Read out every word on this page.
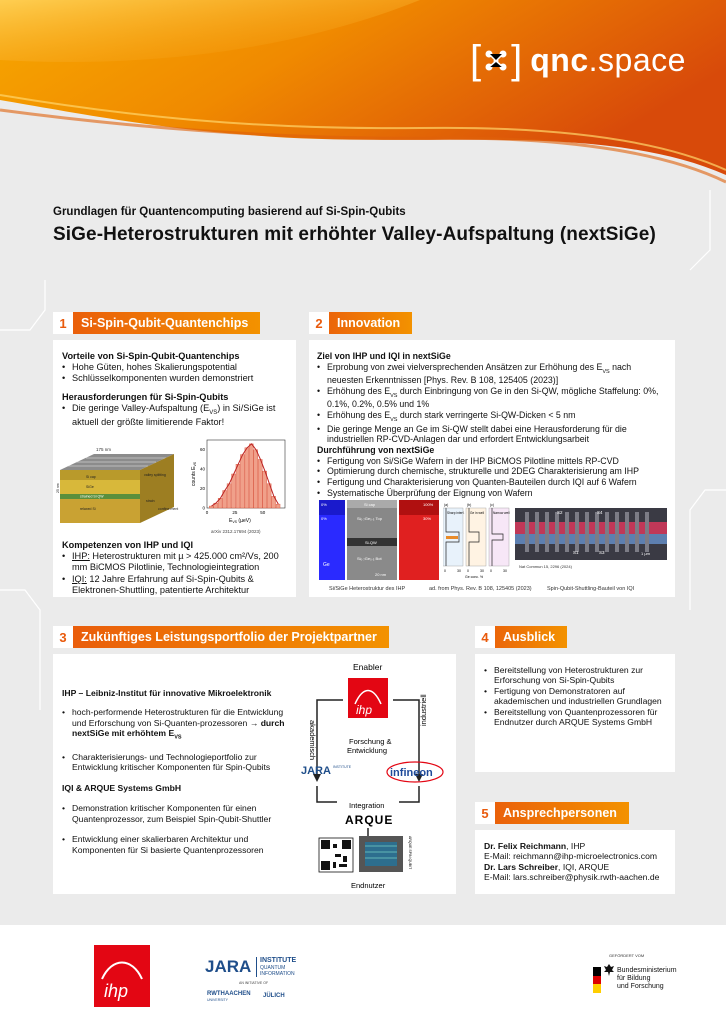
[ ] qnc.space
Grundlagen für Quantencomputing basierend auf Si-Spin-Qubits
SiGe-Heterostrukturen mit erhöhter Valley-Aufspaltung (nextSiGe)
Vorteile von Si-Spin-Qubit-Quantenchips
• Hohe Güten, hohes Skalierungspotential
• Schlüsselkomponenten wurden demonstriert
Herausforderungen für Si-Spin-Qubits
• Die geringe Valley-Aufspaltung $(E_{VS})$ in Si/SiGe ist aktuell der größte limitierende Faktor!
175 nm
valley splitting
25 nm
Si cap
SiGe
strained Si QW
relaxed Si
strain
confine-ment
60
40
20
0
0	25	50
counts $E_{VS}$
$E_{VS}$ (µeV)
arXiv 2312.17694 (2023)
Kompetenzen von IHP und IQI
• IHP: Heterostrukturen mit µ > 425.000 cm²/Vs, 200 mm BiCMOS Pilotlinie, Technologieintegration
• IQI: 12 Jahre Erfahrung auf Si-Spin-Qubits & Elektronen-Shuttling, patentierte Architektur
1	Si-Spin-Qubit-Quantenchips
Ziel von IHP und IQI in nextSiGe
• Erprobung von zwei vielversprechenden Ansätzen zur Erhöhung des $E_{VS}$ nach neuesten Erkenntnissen [Phys. Rev. B 108, 125405 (2023)]
• Erhöhung des $E_{VS}$ durch Einbringung von Ge in den Si-QW, mögliche Staffelung: 0%, 0.1%, 0.2%, 0.5% und 1%
• Erhöhung des $E_{VS}$ durch stark verringerte Si-QW-Dicken < 5 nm
• Die geringe Menge an Ge im Si-QW stellt dabei eine Herausforderung für die industriellen RP-CVD-Anlagen dar und erfordert Entwicklungsarbeit
Durchführung von nextSiGe
• Fertigung von Si/SiGe Wafern in der IHP BiCMOS Pilotline mittels RP-CVD
• Optimierung durch chemische, strukturelle und 2DEG Charakterisierung am IHP
• Fertigung und Charakterisierung von Quanten-Bauteilen durch IQI auf 6 Wafern
• Systematische Überprüfung der Eignung von Wafern
0%
0%
100%
30%
Si cap
Si₀.₇Ge₀.₃ Top
Si-QW
Si₀.₇Ge₀.₃ Bot
Ge
20 nm
Si/SiGe Heterostruktur des IHP
(a)	(b)	(c)
Sharp interf. Ge in well	Narrow well
0	30 0	30 0	30
Ge conc. %
ad. from Phys. Rev. B 108, 125405 (2023)
S2	S4
S1	S3	1 µm
Nat Commun 15, 2296 (2024)
Spin-Qubit-Shuttling-Bauteil von IQI
2	Innovation
IHP – Leibniz-Institut für innovative Mikroelektronik
• hoch-performende Heterostrukturen für die Entwicklung und Erforschung von Si-Quanten-prozessoren → durch nextSiGe mit erhöhtem $E_{VS}$
• Charakterisierungs- und Technologieportfolio zur Entwicklung kritischer Komponenten für Spin-Qubits
IQI & ARQUE Systems GmbH
• Demonstration kritischer Komponenten für einen Quantenprozessor, zum Beispiel Spin-Qubit-Shuttler
• Entwicklung einer skalierbaren Architektur und Komponenten für Si basierte Quantenprozessoren
Enabler
ihp
akademisch
industriell
Forschung &
Entwicklung
JARA INSTITUTE	infineon
Integration
ARQUE
ARQUE SPIN QUBIT
Endnutzer
3	Zukünftiges Leistungsportfolio der Projektpartner
• Bereitstellung von Heterostrukturen zur Erforschung von Si-Spin-Qubits
• Fertigung von Demonstratoren auf akademischen und industriellen Grundlagen
• Bereitstellung von Quantenprozessoren für Endnutzer durch ARQUE Systems GmbH
4	Ausblick
Dr. Felix Reichmann, IHP
E-Mail: reichmann@ihp-microelectronics.com
Dr. Lars Schreiber, IQI, ARQUE
E-Mail: lars.schreiber@physik.rwth-aachen.de
5	Ansprechpersonen
ihp
JARA INSTITUTE
QUANTUM
INFORMATION
AN INITIATIVE OF
RWTHAACHEN
UNIVERSITY
JÜLICH
GEFÖRDERT VOM
Bundesministerium
für Bildung
und Forschung
